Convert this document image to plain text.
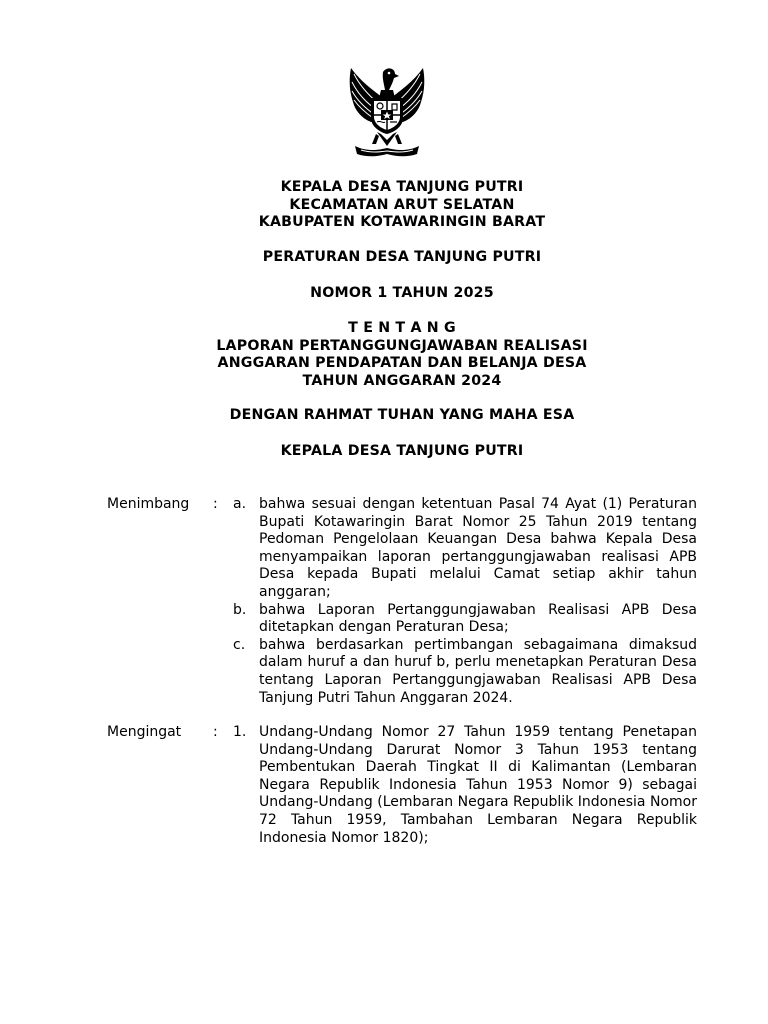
KEPALA DESA TANJUNG PUTRI
KECAMATAN ARUT SELATAN
KABUPATEN KOTAWARINGIN BARAT
PERATURAN DESA TANJUNG PUTRI
NOMOR 1 TAHUN 2025
T E N T A N G
LAPORAN PERTANGGUNGJAWABAN REALISASI
ANGGARAN PENDAPATAN DAN BELANJA DESA
TAHUN ANGGARAN 2024
DENGAN RAHMAT TUHAN YANG MAHA ESA
KEPALA DESA TANJUNG PUTRI
Menimbang	:	a. bahwa sesuai dengan ketentuan Pasal 74 Ayat (1) Peraturan Bupati Kotawaringin Barat Nomor 25 Tahun 2019 tentang Pedoman Pengelolaan Keuangan Desa bahwa Kepala Desa menyampaikan laporan pertanggungjawaban realisasi APB Desa kepada Bupati melalui Camat setiap akhir tahun anggaran;
b. bahwa Laporan Pertanggungjawaban Realisasi APB Desa ditetapkan dengan Peraturan Desa;
c. bahwa berdasarkan pertimbangan sebagaimana dimaksud dalam huruf a dan huruf b, perlu menetapkan Peraturan Desa tentang Laporan Pertanggungjawaban Realisasi APB Desa Tanjung Putri Tahun Anggaran 2024.
Mengingat	:	1. Undang-Undang Nomor 27 Tahun 1959 tentang Penetapan Undang-Undang Darurat Nomor 3 Tahun 1953 tentang Pembentukan Daerah Tingkat II di Kalimantan (Lembaran Negara Republik Indonesia Tahun 1953 Nomor 9) sebagai Undang-Undang (Lembaran Negara Republik Indonesia Nomor 72 Tahun 1959, Tambahan Lembaran Negara Republik Indonesia Nomor 1820);
